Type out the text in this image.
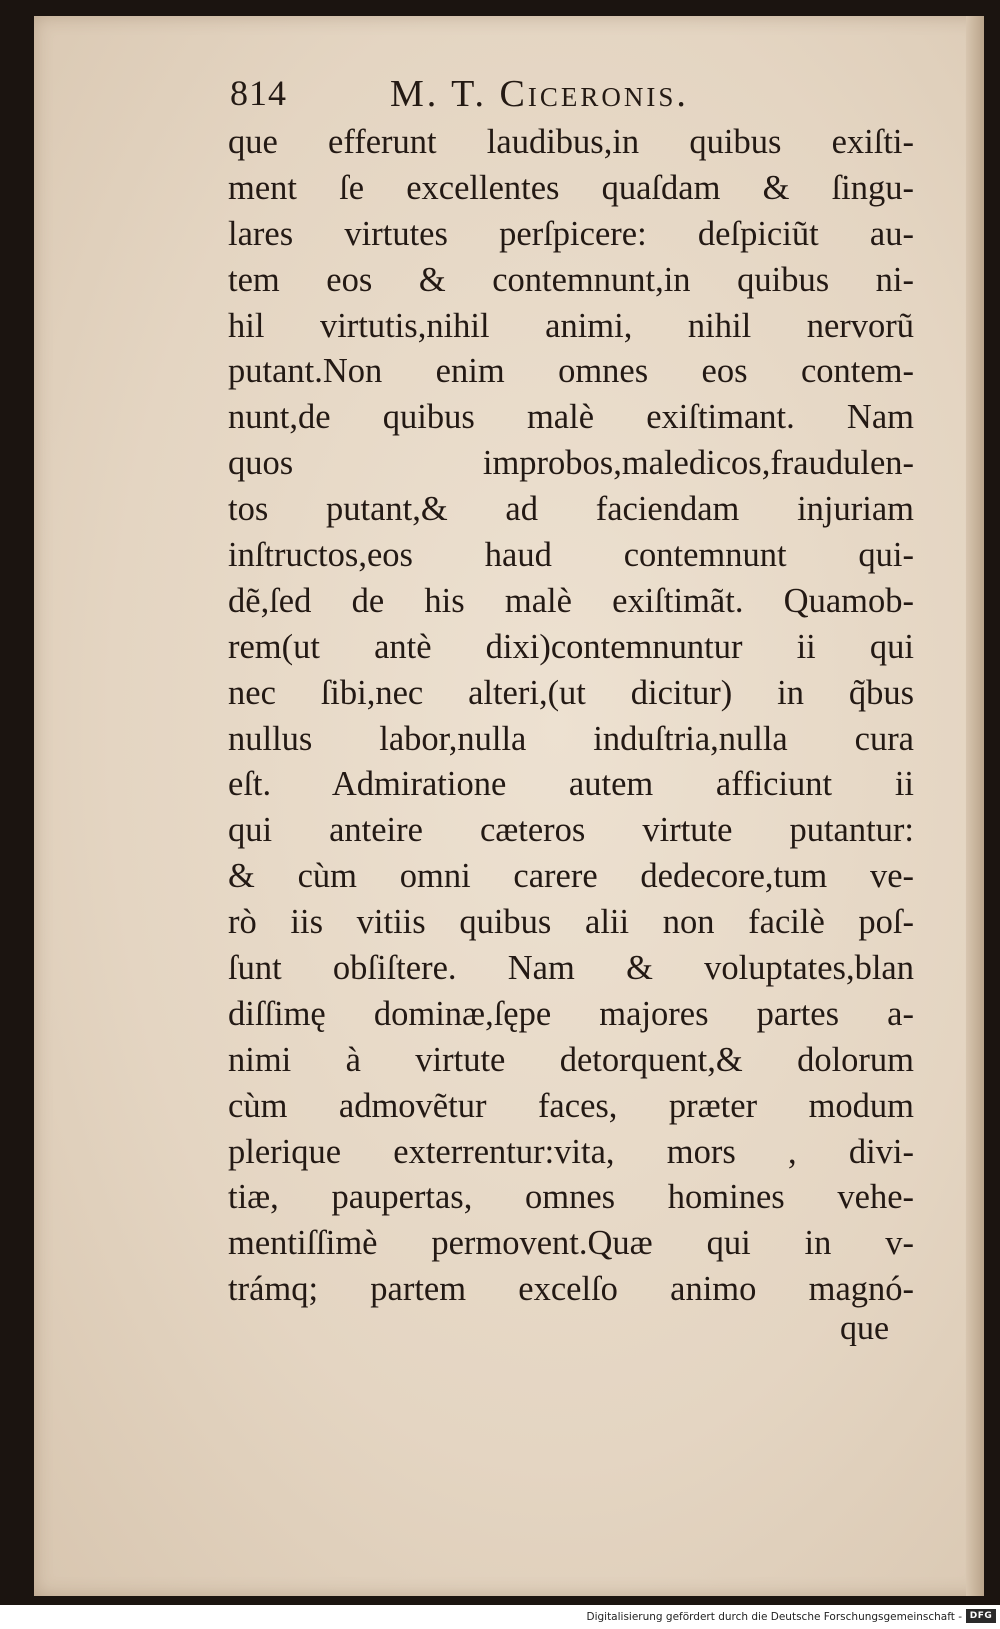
814	M. T. Ciceronis.
que efferunt laudibus,in quibus exiſti-
ment ſe excellentes quaſdam & ſingu-
lares virtutes perſpicere: deſpiciũt au-
tem eos & contemnunt,in quibus ni-
hil virtutis,nihil animi, nihil nervorũ
putant.Non enim omnes eos contem-
nunt,de quibus malè exiſtimant. Nam
quos improbos,maledicos,fraudulen-
tos putant,& ad faciendam injuriam
inſtructos,eos haud contemnunt qui-
dẽ,ſed de his malè exiſtimãt. Quamob-
rem(ut antè dixi)contemnuntur ii qui
nec ſibi,nec alteri,(ut dicitur) in q̃bus
nullus labor,nulla induſtria,nulla cura
eſt. Admiratione autem afficiunt ii
qui anteire cæteros virtute putantur:
& cùm omni carere dedecore,tum ve-
rò iis vitiis quibus alii non facilè poſ-
ſunt obſiſtere. Nam & voluptates,blan
diſſimę dominæ,ſępe majores partes a-
nimi à virtute detorquent,& dolorum
cùm admovẽtur faces, præter modum
plerique exterrentur:vita, mors , divi-
tiæ, paupertas, omnes homines vehe-
mentiſſimè permovent.Quæ qui in v-
trámq; partem excelſo animo magnó-
que
Digitalisierung gefördert durch die Deutsche Forschungsgemeinschaft - DFG
